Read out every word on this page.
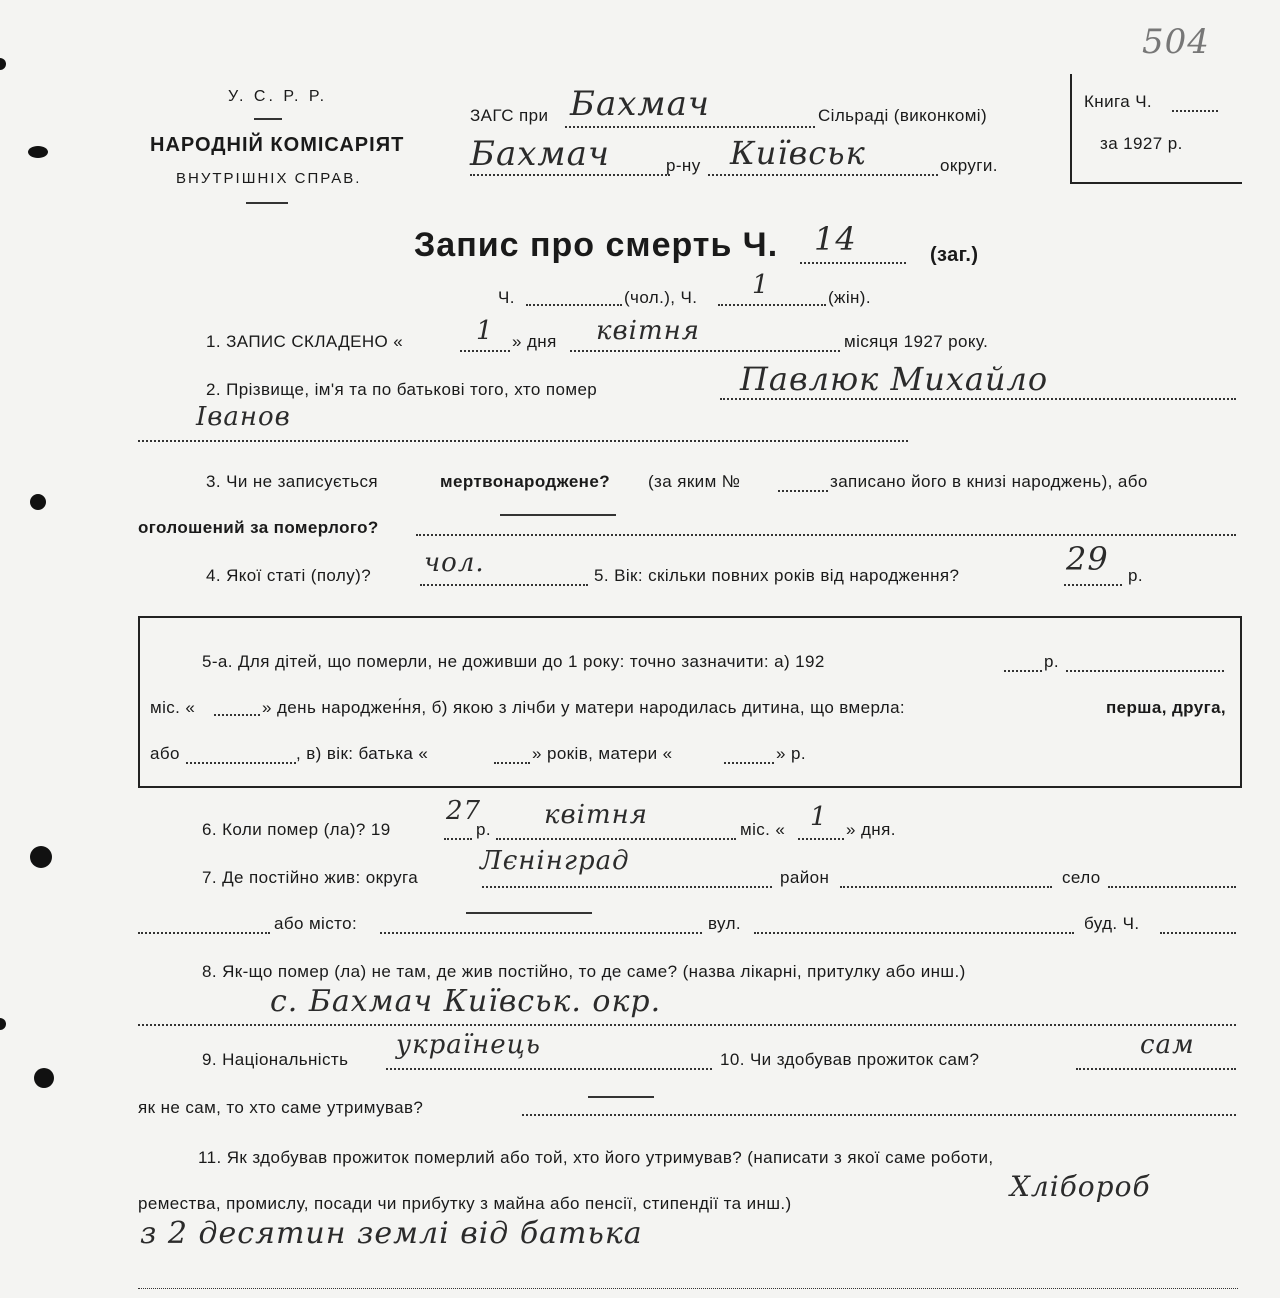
У. С. Р. Р.
НАРОДНІЙ КОМІСАРІЯТ
ВНУТРІШНІХ СПРАВ.
ЗАГС при Бахмач	Сільраді (виконкомі)
Бахмач	р-ну Київськ	округи.
Книга Ч.
за 1927 р.
504
Запис про смерть Ч. 14	(заг.)
Ч.	(чол.), Ч. 1	(жін).
1. ЗАПИС СКЛАДЕНО «	1 » дня квітня	місяця 1927 року.
2. Прізвище, ім'я та по батькові того, хто помер	Павлюк Михайло
Іванов
3. Чи не записується	мертвонароджене? (за яким №	записано його в книзі народжень), або
оголошений за померлого?
4. Якої статі (полу)? чол.	5. Вік: скільки повних років від народження?	29 р.
5-а. Для дітей, що померли, не доживши до 1 року: точно зазначити: а) 192	р.
міс. «	» день народжен́ня, б) якою з лічби у матери народилась дитина, що вмерла:	перша, друга,
або	, в) вік: батька «	» років, матери «	» р.
6. Коли помер (ла)? 19
27
р. квітня	міс. « 1 » дня.
7. Де постійно жив: округа
Лєнінград
район	село
або місто:	вул.	буд. Ч.
8. Як-що помер (ла) не там, де жив постійно, то де саме? (назва лікарні, притулку або инш.)
с. Бахмач Київськ. окр.
9. Національність українець	10. Чи здобував прожиток сам?	сам
як не сам, то хто саме утримував?
11. Як здобував прожиток померлий або той, хто його утримував? (написати з якої саме роботи,
ремества, промислу, посади чи прибутку з майна або пенсії, стипендії та инш.)
Хлібороб
з 2 десятин землі від батька
